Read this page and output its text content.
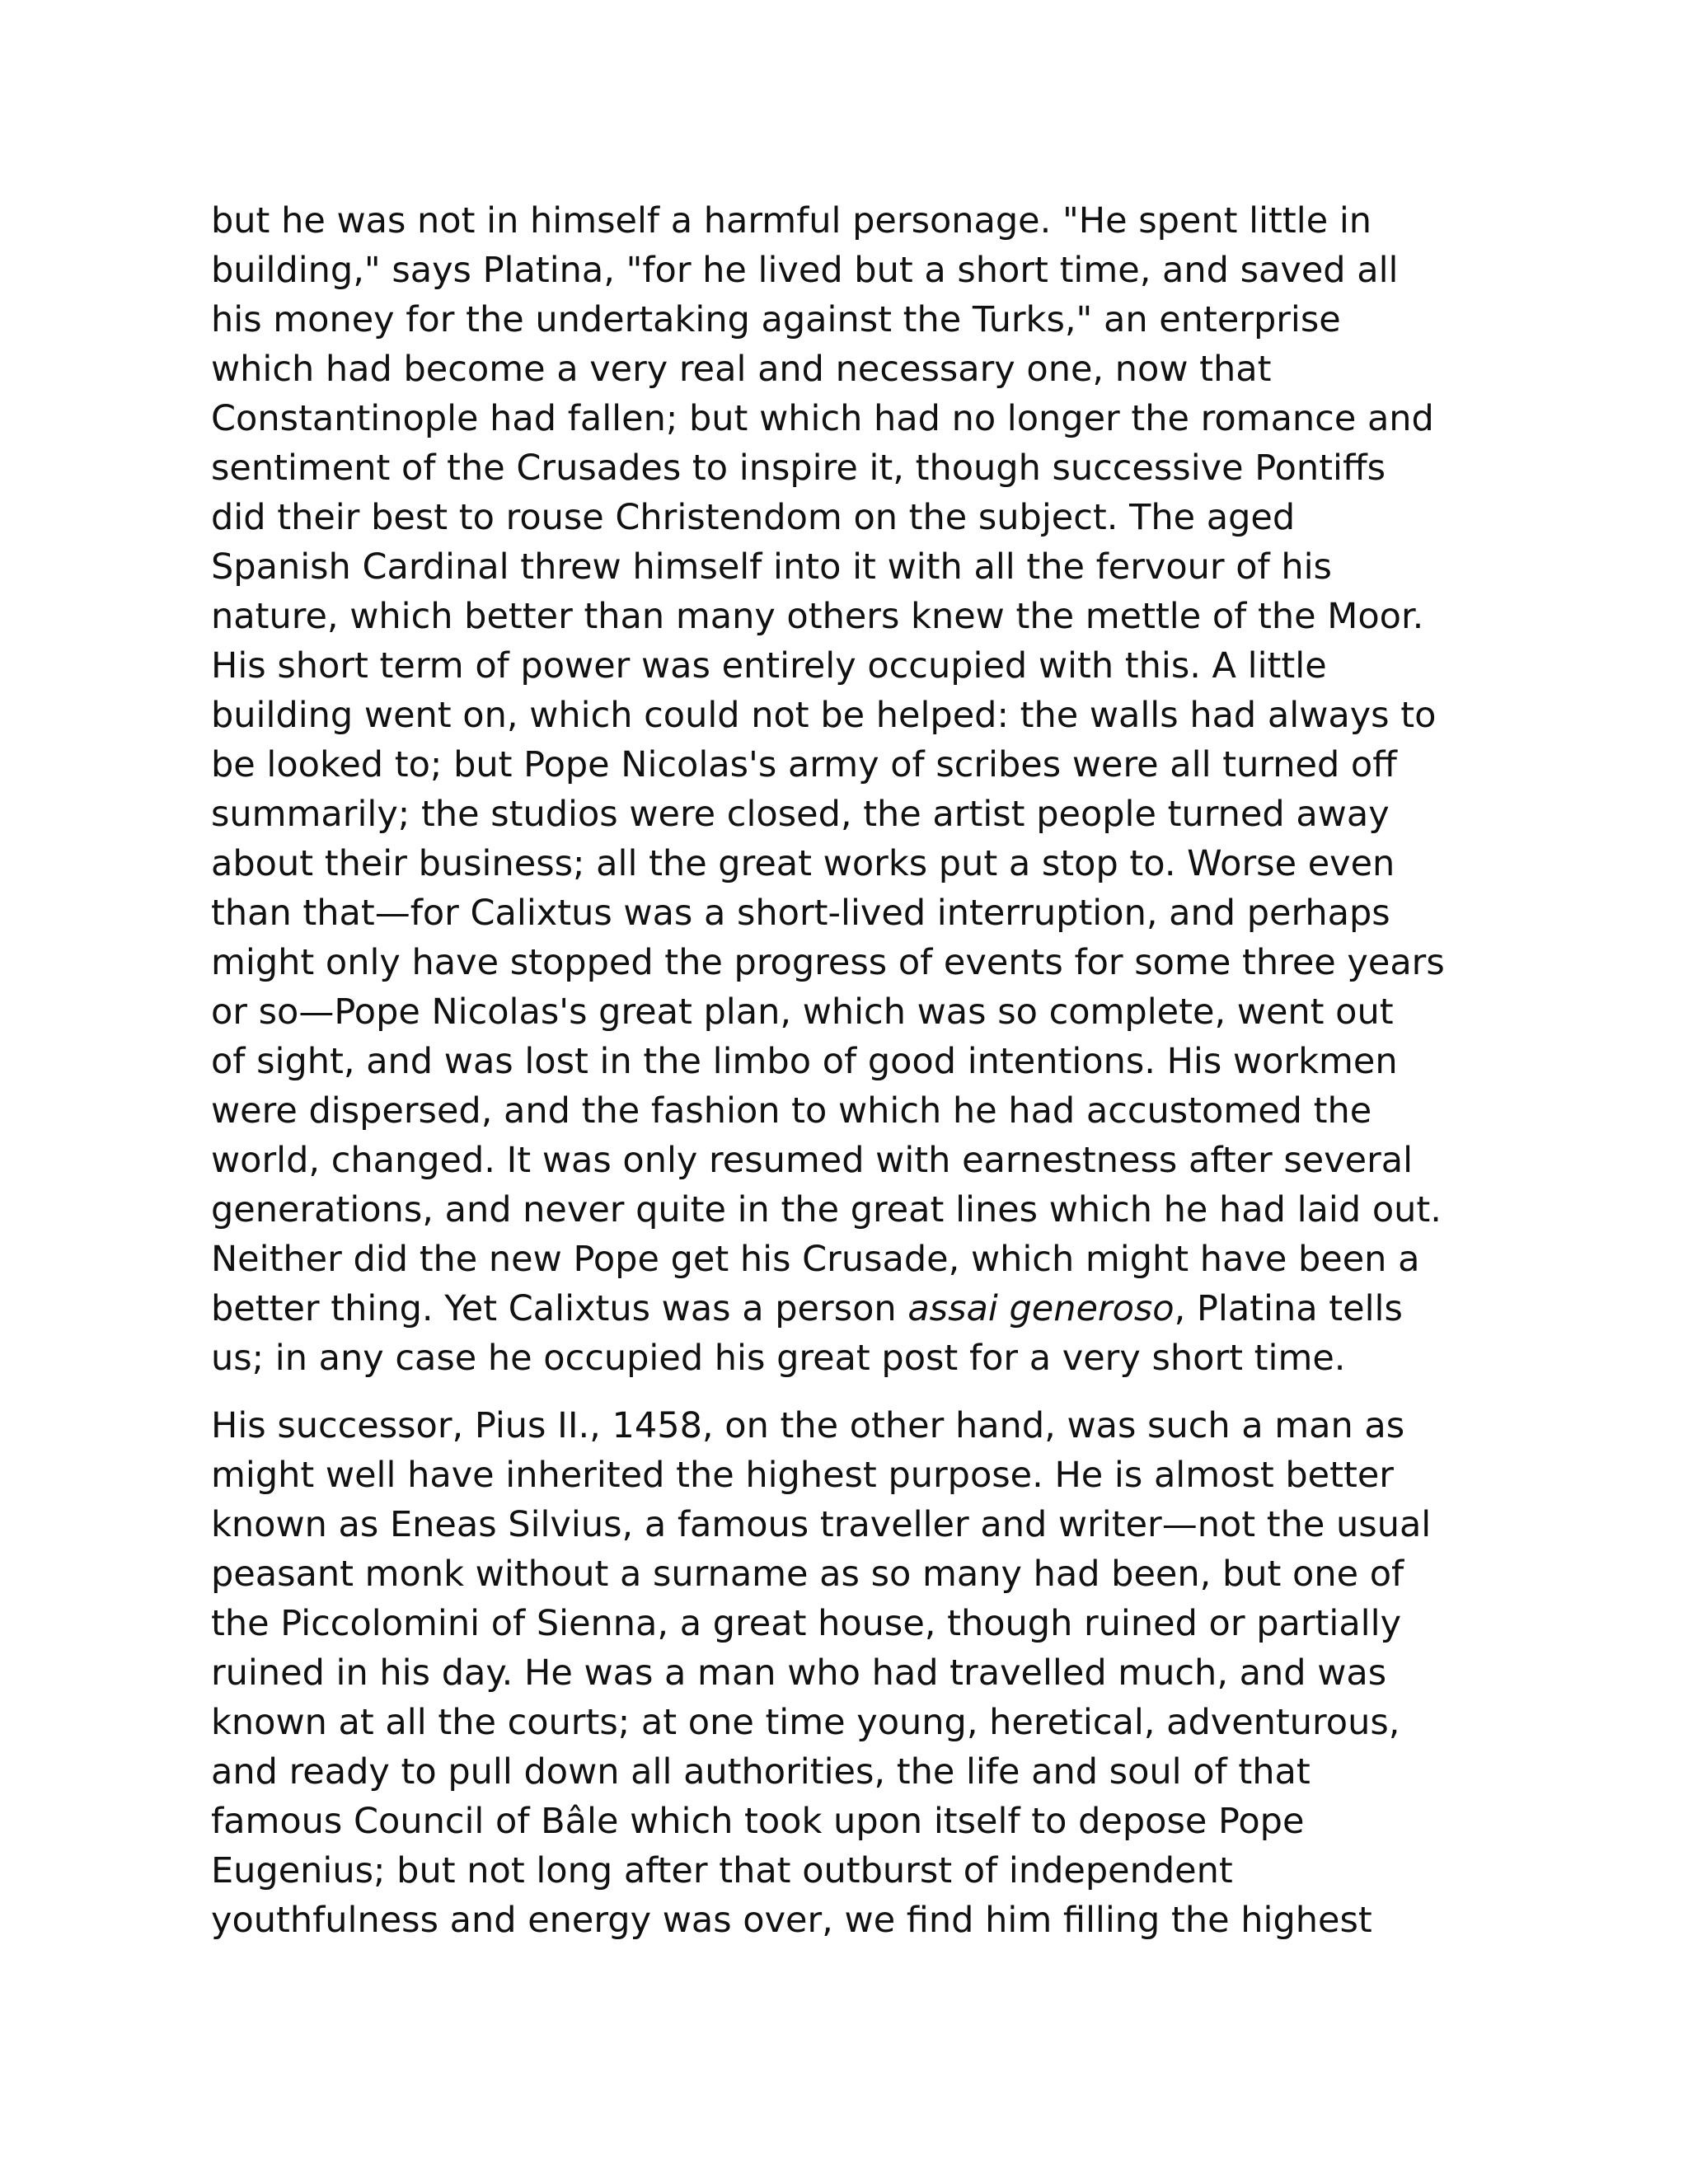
but he was not in himself a harmful personage. "He spent little in
building," says Platina, "for he lived but a short time, and saved all
his money for the undertaking against the Turks," an enterprise
which had become a very real and necessary one, now that
Constantinople had fallen; but which had no longer the romance and
sentiment of the Crusades to inspire it, though successive Pontiffs
did their best to rouse Christendom on the subject. The aged
Spanish Cardinal threw himself into it with all the fervour of his
nature, which better than many others knew the mettle of the Moor.
His short term of power was entirely occupied with this. A little
building went on, which could not be helped: the walls had always to
be looked to; but Pope Nicolas's army of scribes were all turned off
summarily; the studios were closed, the artist people turned away
about their business; all the great works put a stop to. Worse even
than that—for Calixtus was a short-lived interruption, and perhaps
might only have stopped the progress of events for some three years
or so—Pope Nicolas's great plan, which was so complete, went out
of sight, and was lost in the limbo of good intentions. His workmen
were dispersed, and the fashion to which he had accustomed the
world, changed. It was only resumed with earnestness after several
generations, and never quite in the great lines which he had laid out.
Neither did the new Pope get his Crusade, which might have been a
better thing. Yet Calixtus was a person assai generoso, Platina tells
us; in any case he occupied his great post for a very short time.
His successor, Pius II., 1458, on the other hand, was such a man as
might well have inherited the highest purpose. He is almost better
known as Eneas Silvius, a famous traveller and writer—not the usual
peasant monk without a surname as so many had been, but one of
the Piccolomini of Sienna, a great house, though ruined or partially
ruined in his day. He was a man who had travelled much, and was
known at all the courts; at one time young, heretical, adventurous,
and ready to pull down all authorities, the life and soul of that
famous Council of Bâle which took upon itself to depose Pope
Eugenius; but not long after that outburst of independent
youthfulness and energy was over, we find him filling the highest
